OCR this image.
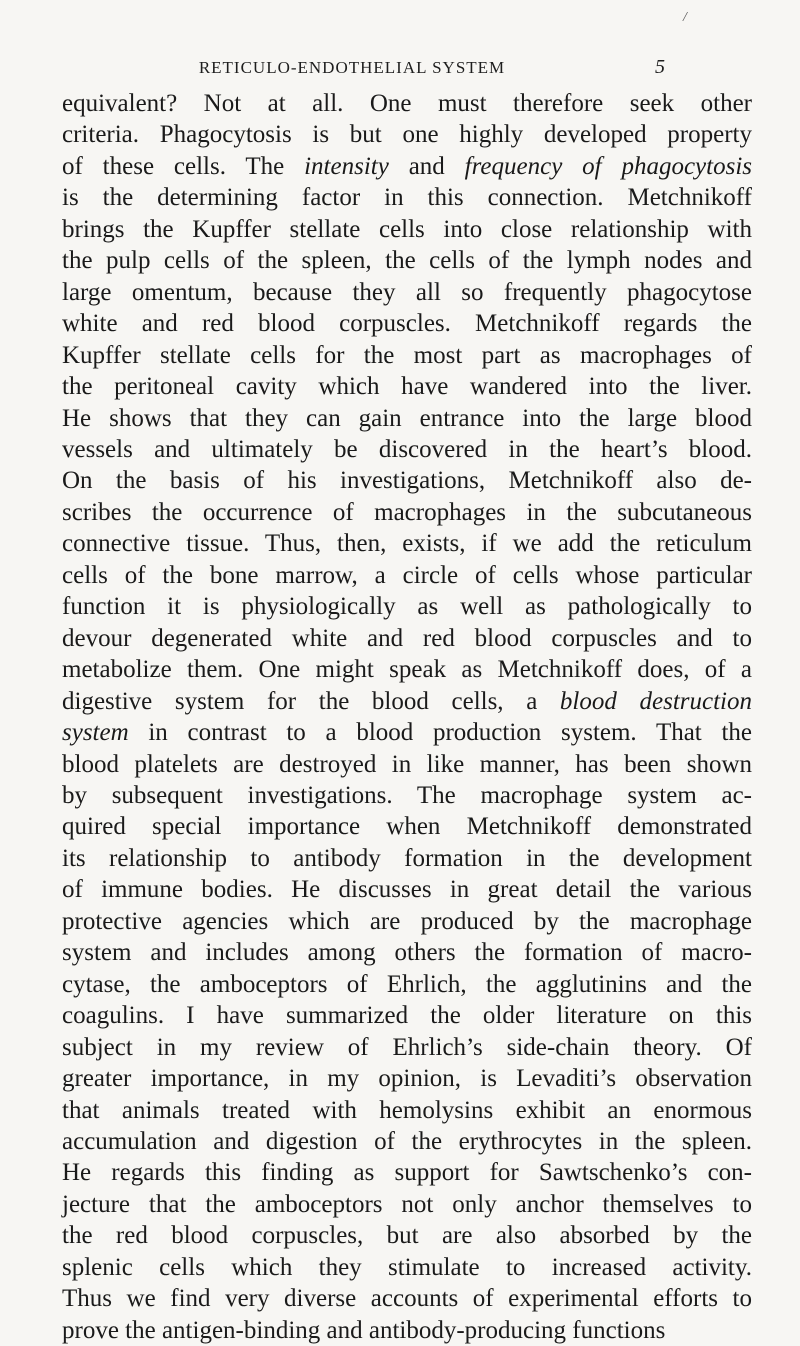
/
RETICULO-ENDOTHELIAL SYSTEM	5
equivalent? Not at all. One must therefore seek other
criteria. Phagocytosis is but one highly developed property
of these cells. The intensity and frequency of phagocytosis
is the determining factor in this connection. Metchnikoff
brings the Kupffer stellate cells into close relationship with
the pulp cells of the spleen, the cells of the lymph nodes and
large omentum, because they all so frequently phagocytose
white and red blood corpuscles. Metchnikoff regards the
Kupffer stellate cells for the most part as macrophages of
the peritoneal cavity which have wandered into the liver.
He shows that they can gain entrance into the large blood
vessels and ultimately be discovered in the heart’s blood.
On the basis of his investigations, Metchnikoff also de-
scribes the occurrence of macrophages in the subcutaneous
connective tissue. Thus, then, exists, if we add the reticulum
cells of the bone marrow, a circle of cells whose particular
function it is physiologically as well as pathologically to
devour degenerated white and red blood corpuscles and to
metabolize them. One might speak as Metchnikoff does, of a
digestive system for the blood cells, a blood destruction
system in contrast to a blood production system. That the
blood platelets are destroyed in like manner, has been shown
by subsequent investigations. The macrophage system ac-
quired special importance when Metchnikoff demonstrated
its relationship to antibody formation in the development
of immune bodies. He discusses in great detail the various
protective agencies which are produced by the macrophage
system and includes among others the formation of macro-
cytase, the amboceptors of Ehrlich, the agglutinins and the
coagulins. I have summarized the older literature on this
subject in my review of Ehrlich’s side-chain theory. Of
greater importance, in my opinion, is Levaditi’s observation
that animals treated with hemolysins exhibit an enormous
accumulation and digestion of the erythrocytes in the spleen.
He regards this finding as support for Sawtschenko’s con-
jecture that the amboceptors not only anchor themselves to
the red blood corpuscles, but are also absorbed by the
splenic cells which they stimulate to increased activity.
Thus we find very diverse accounts of experimental efforts to
prove the antigen-binding and antibody-producing functions
